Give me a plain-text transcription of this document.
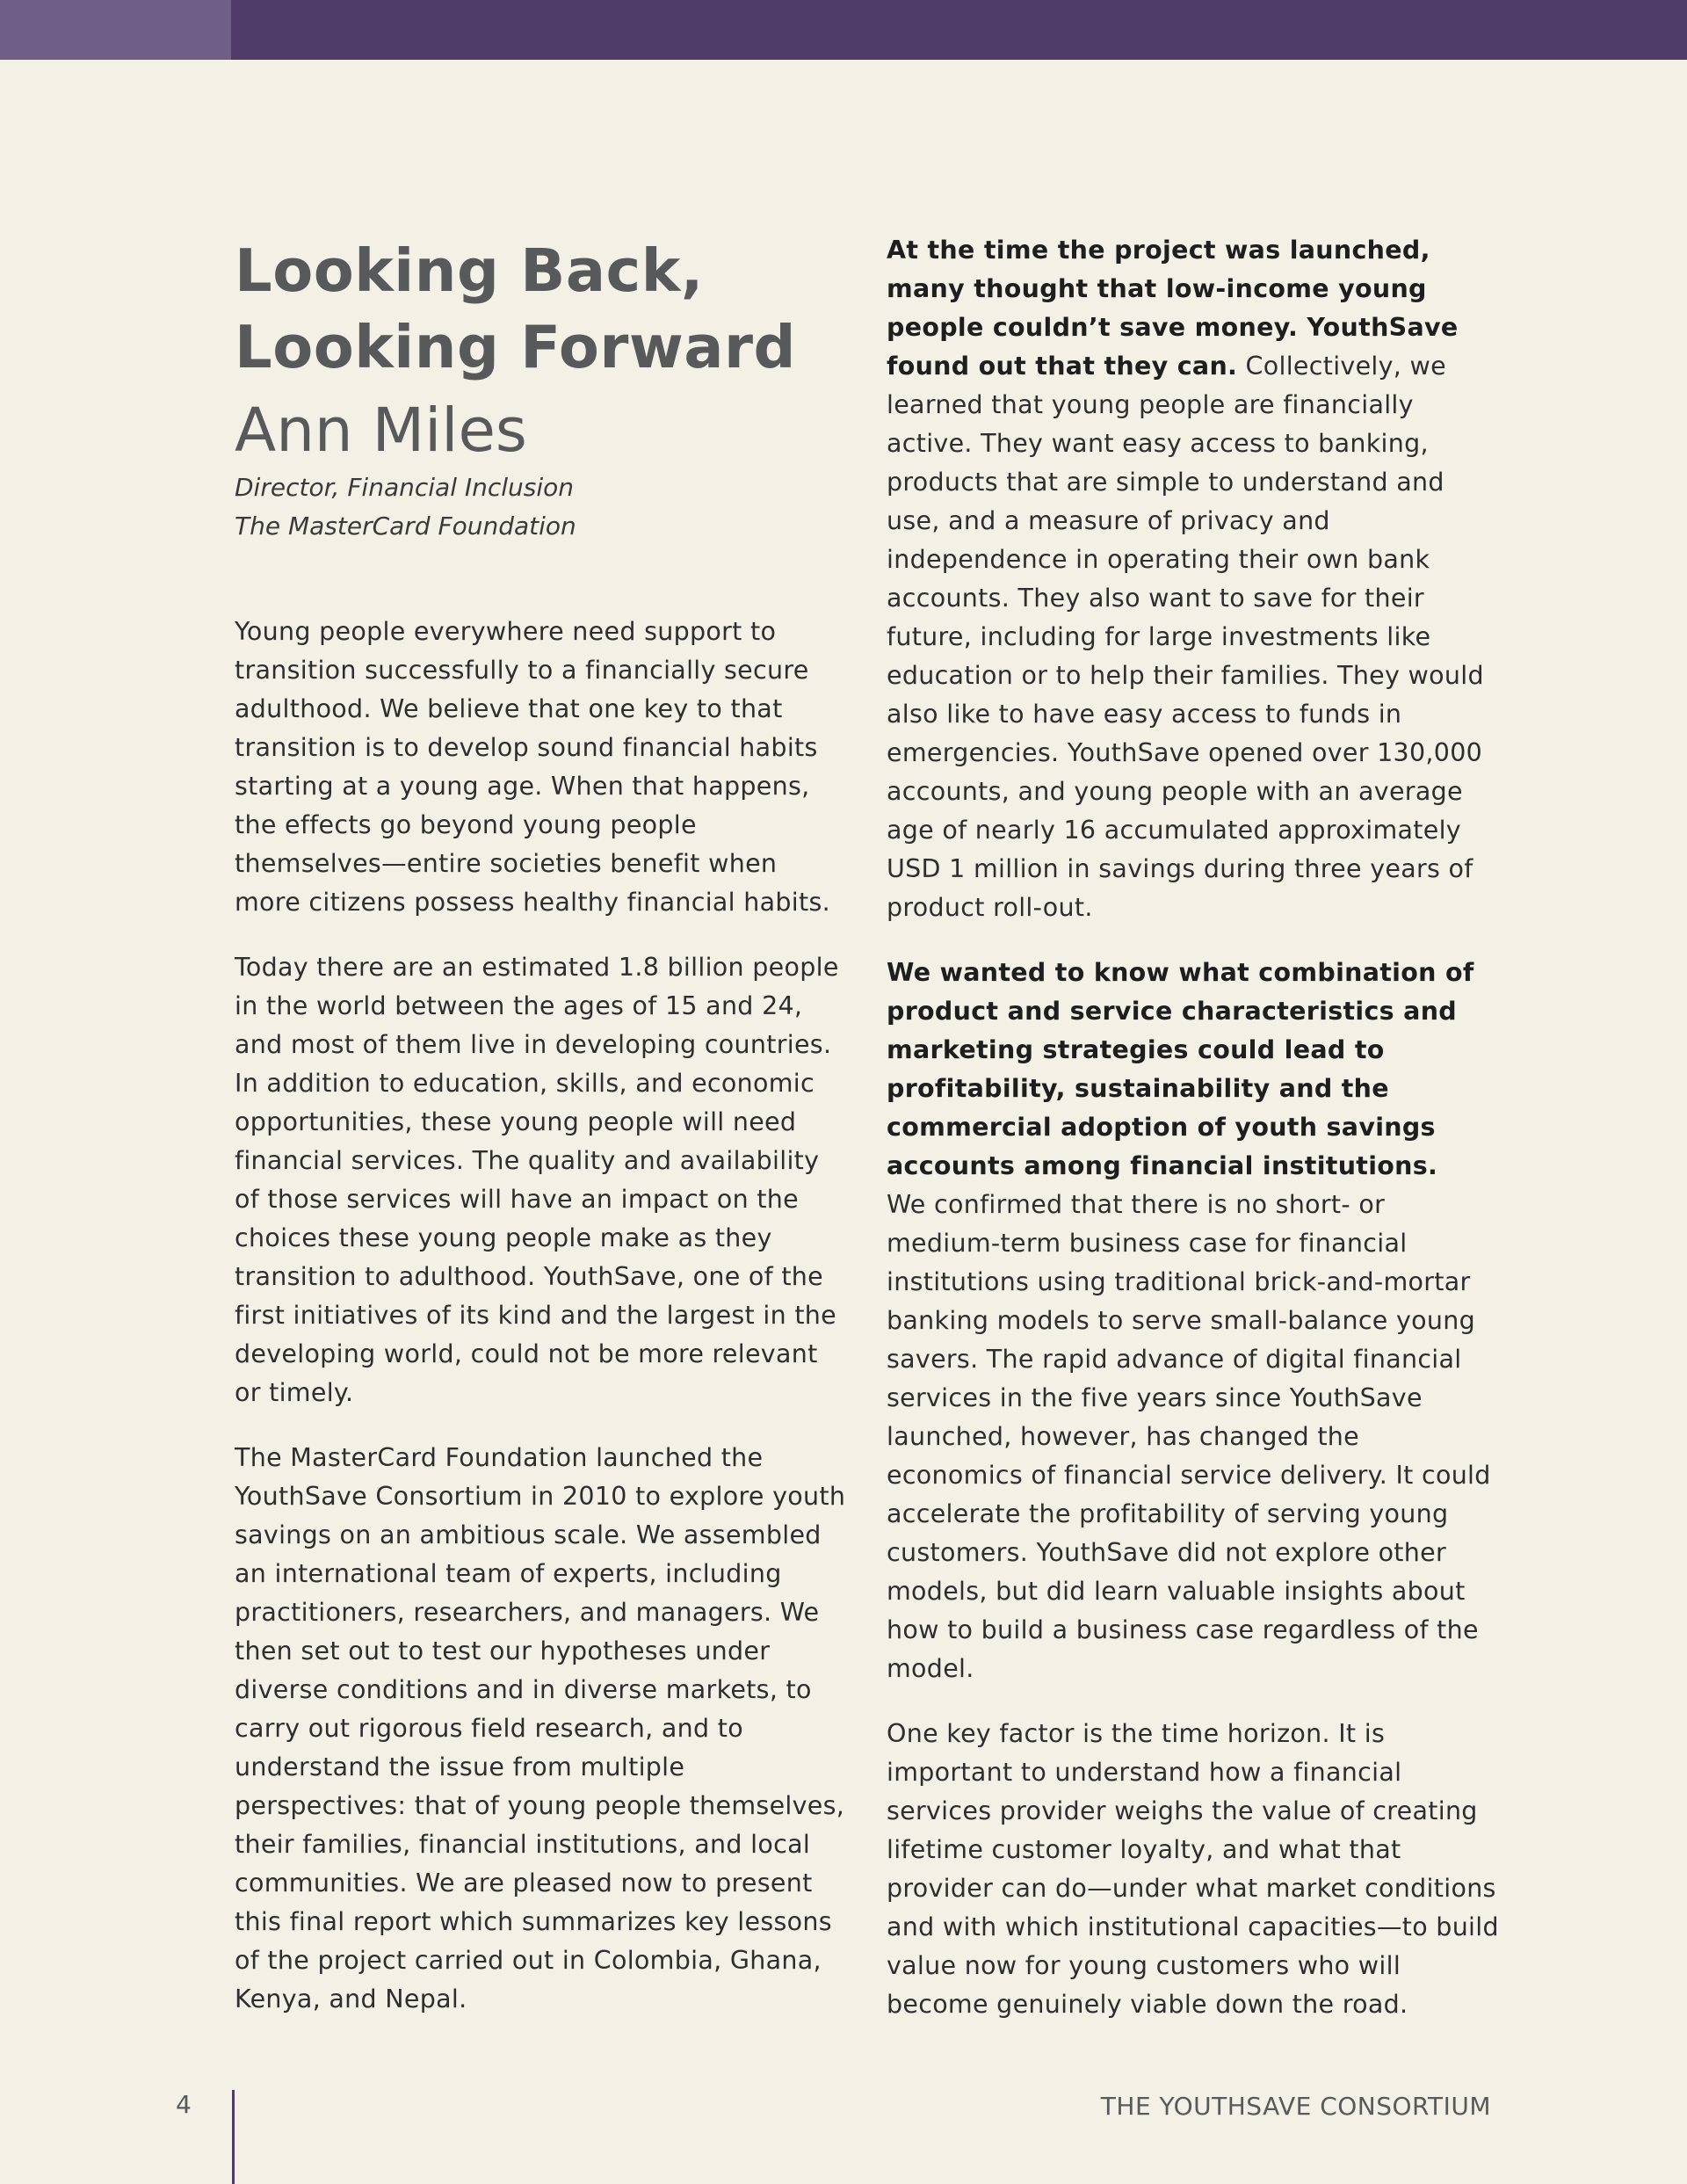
Looking Back,
Looking Forward
Ann Miles

Director, Financial Inclusion
The MasterCard Foundation

Young people everywhere need support to transition successfully to a financially secure adulthood. We believe that one key to that transition is to develop sound financial habits starting at a young age. When that happens, the effects go beyond young people themselves—entire societies benefit when more citizens possess healthy financial habits.

Today there are an estimated 1.8 billion people in the world between the ages of 15 and 24, and most of them live in developing countries. In addition to education, skills, and economic opportunities, these young people will need financial services. The quality and availability of those services will have an impact on the choices these young people make as they transition to adulthood. YouthSave, one of the first initiatives of its kind and the largest in the developing world, could not be more relevant or timely.

The MasterCard Foundation launched the YouthSave Consortium in 2010 to explore youth savings on an ambitious scale. We assembled an international team of experts, including practitioners, researchers, and managers. We then set out to test our hypotheses under diverse conditions and in diverse markets, to carry out rigorous field research, and to understand the issue from multiple perspectives: that of young people themselves, their families, financial institutions, and local communities. We are pleased now to present this final report which summarizes key lessons of the project carried out in Colombia, Ghana, Kenya, and Nepal.

At the time the project was launched, many thought that low-income young people couldn’t save money. YouthSave found out that they can. Collectively, we learned that young people are financially active. They want easy access to banking, products that are simple to understand and use, and a measure of privacy and independence in operating their own bank accounts. They also want to save for their future, including for large investments like education or to help their families. They would also like to have easy access to funds in emergencies. YouthSave opened over 130,000 accounts, and young people with an average age of nearly 16 accumulated approximately USD 1 million in savings during three years of product roll-out.

We wanted to know what combination of product and service characteristics and marketing strategies could lead to profitability, sustainability and the commercial adoption of youth savings accounts among financial institutions.
We confirmed that there is no short- or medium-term business case for financial institutions using traditional brick-and-mortar banking models to serve small-balance young savers. The rapid advance of digital financial services in the five years since YouthSave launched, however, has changed the economics of financial service delivery. It could accelerate the profitability of serving young customers. YouthSave did not explore other models, but did learn valuable insights about how to build a business case regardless of the model.

One key factor is the time horizon. It is important to understand how a financial services provider weighs the value of creating lifetime customer loyalty, and what that provider can do—under what market conditions and with which institutional capacities—to build value now for young customers who will become genuinely viable down the road.

4	THE YOUTHSAVE CONSORTIUM
